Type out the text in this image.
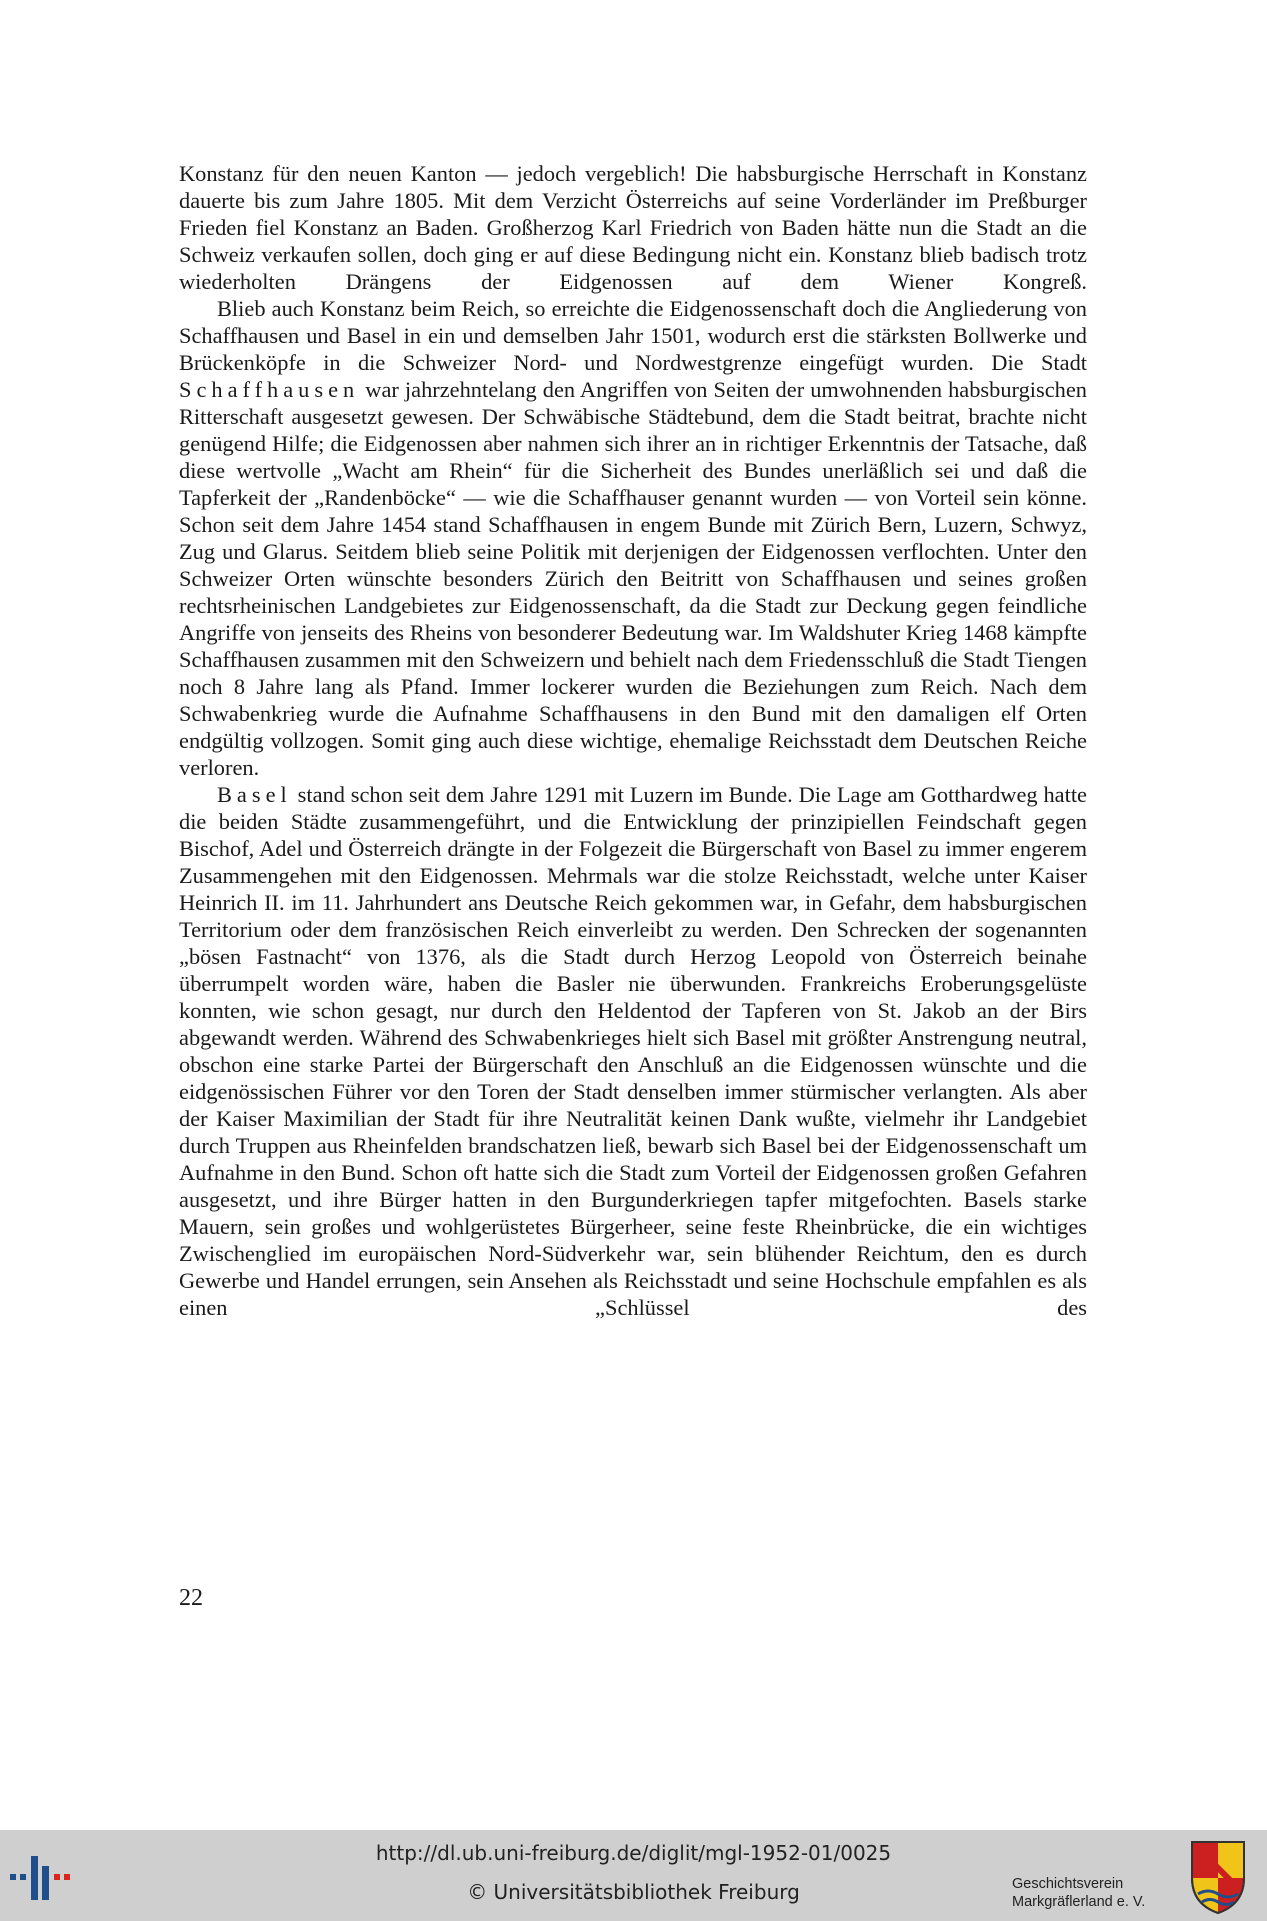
Konstanz für den neuen Kanton — jedoch vergeblich! Die habsburgische Herrschaft in Konstanz dauerte bis zum Jahre 1805. Mit dem Verzicht Österreichs auf seine Vorderländer im Preßburger Frieden fiel Konstanz an Baden. Großherzog Karl Friedrich von Baden hätte nun die Stadt an die Schweiz verkaufen sollen, doch ging er auf diese Bedingung nicht ein. Konstanz blieb badisch trotz wiederholten Drängens der Eidgenossen auf dem Wiener Kongreß.

Blieb auch Konstanz beim Reich, so erreichte die Eidgenossenschaft doch die Angliederung von Schaffhausen und Basel in ein und demselben Jahr 1501, wodurch erst die stärksten Bollwerke und Brückenköpfe in die Schweizer Nord- und Nordwestgrenze eingefügt wurden. Die Stadt Schaffhausen war jahrzehntelang den Angriffen von Seiten der umwohnenden habsburgischen Ritterschaft ausgesetzt gewesen. Der Schwäbische Städtebund, dem die Stadt beitrat, brachte nicht genügend Hilfe; die Eidgenossen aber nahmen sich ihrer an in richtiger Erkenntnis der Tatsache, daß diese wertvolle „Wacht am Rhein“ für die Sicherheit des Bundes unerläßlich sei und daß die Tapferkeit der „Randenböcke“ — wie die Schaffhauser genannt wurden — von Vorteil sein könne. Schon seit dem Jahre 1454 stand Schaffhausen in engem Bunde mit Zürich Bern, Luzern, Schwyz, Zug und Glarus. Seitdem blieb seine Politik mit derjenigen der Eidgenossen verflochten. Unter den Schweizer Orten wünschte besonders Zürich den Beitritt von Schaffhausen und seines großen rechtsrheinischen Landgebietes zur Eidgenossenschaft, da die Stadt zur Deckung gegen feindliche Angriffe von jenseits des Rheins von besonderer Bedeutung war. Im Waldshuter Krieg 1468 kämpfte Schaffhausen zusammen mit den Schweizern und behielt nach dem Friedensschluß die Stadt Tiengen noch 8 Jahre lang als Pfand. Immer lockerer wurden die Beziehungen zum Reich. Nach dem Schwabenkrieg wurde die Aufnahme Schaffhausens in den Bund mit den damaligen elf Orten endgültig vollzogen. Somit ging auch diese wichtige, ehemalige Reichsstadt dem Deutschen Reiche verloren.

Basel stand schon seit dem Jahre 1291 mit Luzern im Bunde. Die Lage am Gotthardweg hatte die beiden Städte zusammengeführt, und die Entwicklung der prinzipiellen Feindschaft gegen Bischof, Adel und Österreich drängte in der Folgezeit die Bürgerschaft von Basel zu immer engerem Zusammengehen mit den Eidgenossen. Mehrmals war die stolze Reichsstadt, welche unter Kaiser Heinrich II. im 11. Jahrhundert ans Deutsche Reich gekommen war, in Gefahr, dem habsburgischen Territorium oder dem französischen Reich einverleibt zu werden. Den Schrecken der sogenannten „bösen Fastnacht“ von 1376, als die Stadt durch Herzog Leopold von Österreich beinahe überrumpelt worden wäre, haben die Basler nie überwunden. Frankreichs Eroberungsgelüste konnten, wie schon gesagt, nur durch den Heldentod der Tapferen von St. Jakob an der Birs abgewandt werden. Während des Schwabenkrieges hielt sich Basel mit größter Anstrengung neutral, obschon eine starke Partei der Bürgerschaft den Anschluß an die Eidgenossen wünschte und die eidgenössischen Führer vor den Toren der Stadt denselben immer stürmischer verlangten. Als aber der Kaiser Maximilian der Stadt für ihre Neutralität keinen Dank wußte, vielmehr ihr Landgebiet durch Truppen aus Rheinfelden brandschatzen ließ, bewarb sich Basel bei der Eidgenossenschaft um Aufnahme in den Bund. Schon oft hatte sich die Stadt zum Vorteil der Eidgenossen großen Gefahren ausgesetzt, und ihre Bürger hatten in den Burgunderkriegen tapfer mitgefochten. Basels starke Mauern, sein großes und wohlgerüstetes Bürgerheer, seine feste Rheinbrücke, die ein wichtiges Zwischenglied im europäischen Nord-Südverkehr war, sein blühender Reichtum, den es durch Gewerbe und Handel errungen, sein Ansehen als Reichsstadt und seine Hochschule empfahlen es als einen „Schlüssel des

22
http://dl.ub.uni-freiburg.de/diglit/mgl-1952-01/0025
© Universitätsbibliothek Freiburg	Geschichtsverein
Markgräflerland e. V.
